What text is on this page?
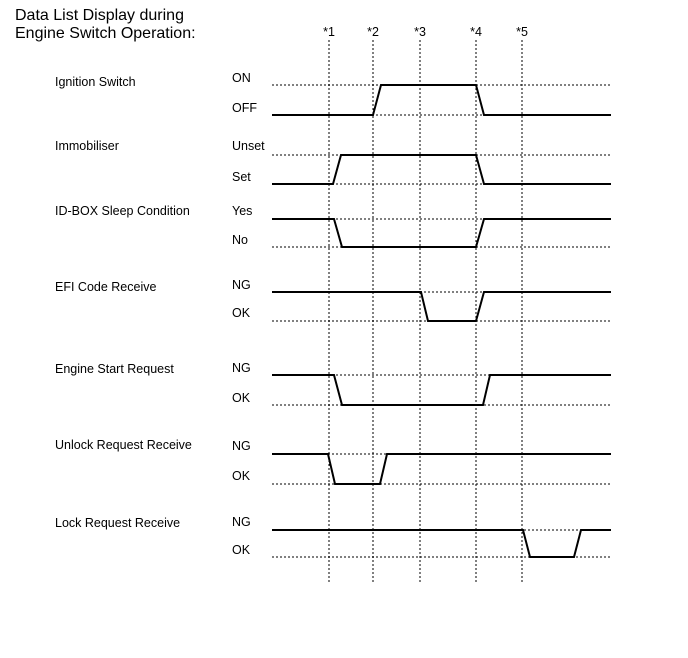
Data List Display during
Engine Switch Operation:	*1	*2	*3	*4	*5
Ignition Switch	ON
OFF
Immobiliser	Unset
Set
ID-BOX Sleep Condition	Yes
No
EFI Code Receive	NG
OK
Engine Start Request	NG
OK
Unlock Request Receive	NG
OK
Lock Request Receive	NG
OK
